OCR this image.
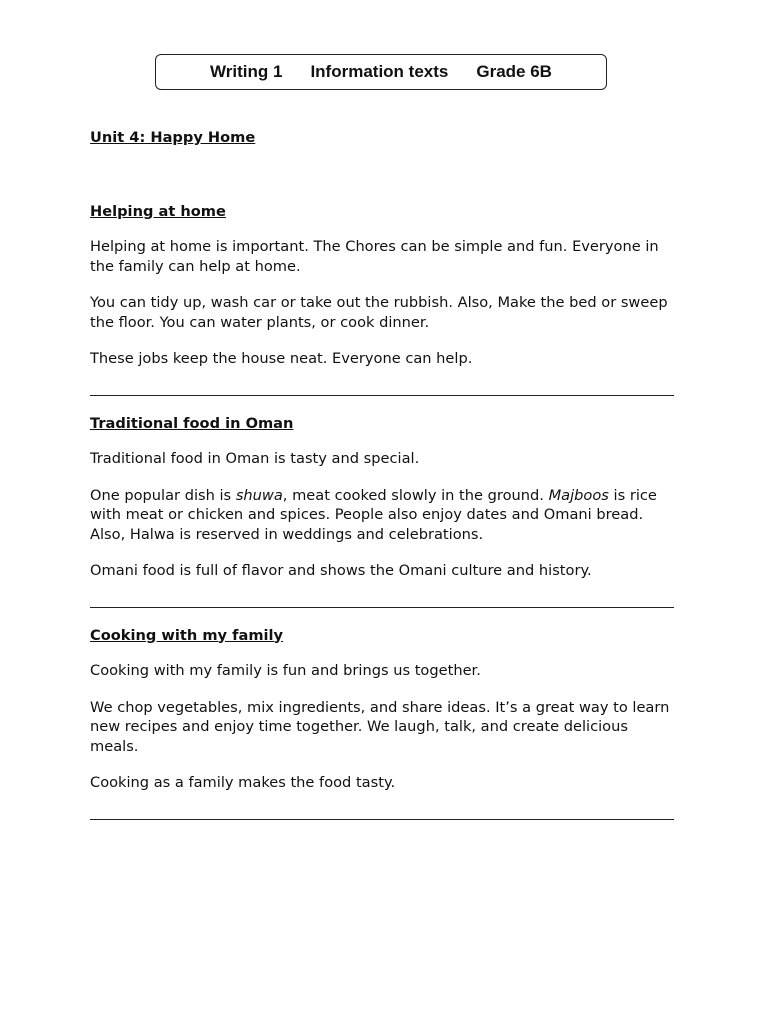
Writing 1 Information texts Grade 6B

Unit 4: Happy Home

Helping at home

Helping at home is important. The Chores can be simple and fun. Everyone in the family can help at home.

You can tidy up, wash car or take out the rubbish. Also, Make the bed or sweep the floor. You can water plants, or cook dinner.

These jobs keep the house neat. Everyone can help.

Traditional food in Oman

Traditional food in Oman is tasty and special.

One popular dish is shuwa, meat cooked slowly in the ground. Majboos is rice with meat or chicken and spices. People also enjoy dates and Omani bread. Also, Halwa is reserved in weddings and celebrations.

Omani food is full of flavor and shows the Omani culture and history.

Cooking with my family

Cooking with my family is fun and brings us together.

We chop vegetables, mix ingredients, and share ideas. It’s a great way to learn new recipes and enjoy time together. We laugh, talk, and create delicious meals.

Cooking as a family makes the food tasty.
